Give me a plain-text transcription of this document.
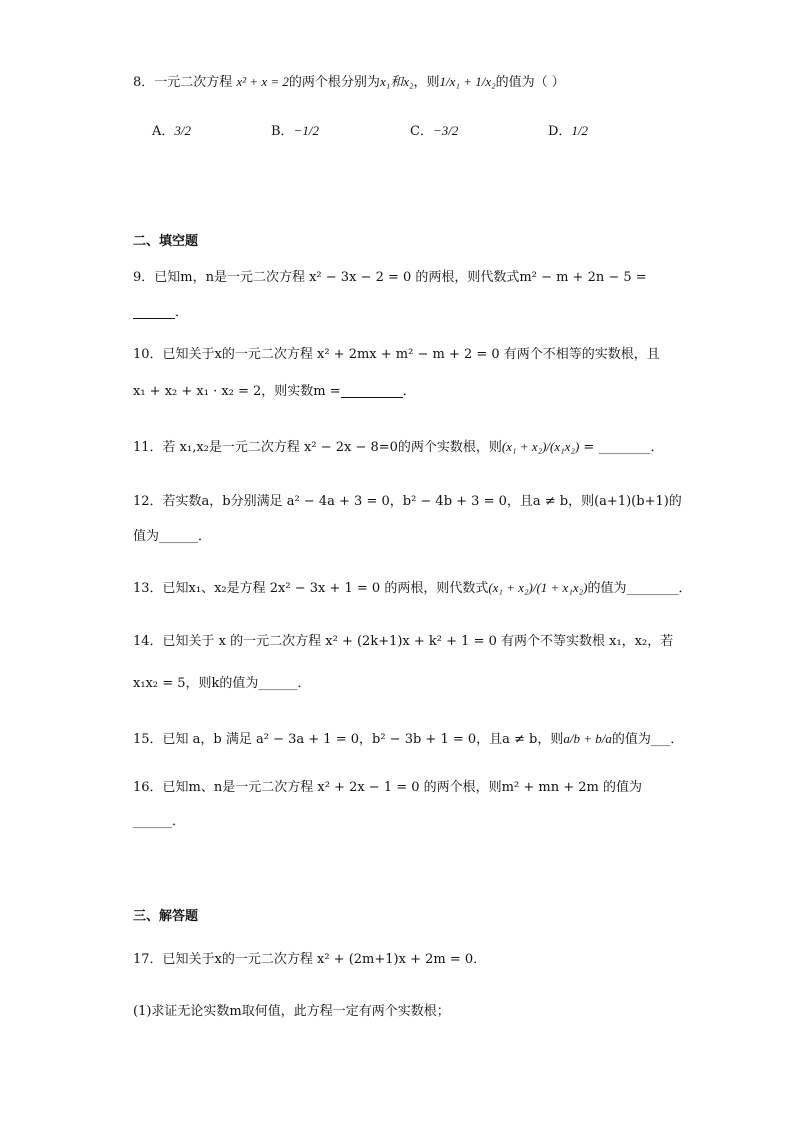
8．一元二次方程 x² + x = 2的两个根分别为x₁和x₂，则1/x₁ + 1/x₂的值为（ ）
A．3/2	B．−1/2	C．−3/2	D．1/2
二、填空题
9．已知m，n是一元二次方程 x² − 3x − 2 = 0 的两根，则代数式m² − m + 2n − 5 =
．
10．已知关于x的一元二次方程 x² + 2mx + m² − m + 2 = 0 有两个不相等的实数根，且
x₁ + x₂ + x₁ · x₂ = 2，则实数m =	．
11．若 x₁,x₂是一元二次方程 x² − 2x − 8=0的两个实数根，则(x₁ + x₂)/(x₁x₂) = ________．
12．若实数a，b分别满足 a² − 4a + 3 = 0，b² − 4b + 3 = 0，且a ≠ b，则(a+1)(b+1)的
值为______．
13．已知x₁、x₂是方程 2x² − 3x + 1 = 0 的两根，则代数式(x₁ + x₂)/(1 + x₁x₂)的值为________．
14．已知关于 x 的一元二次方程 x² + (2k+1)x + k² + 1 = 0 有两个不等实数根 x₁，x₂，若
x₁x₂ = 5，则k的值为______．
15．已知 a，b 满足 a² − 3a + 1 = 0，b² − 3b + 1 = 0，且a ≠ b，则a/b + b/a的值为___．
16．已知m、n是一元二次方程 x² + 2x − 1 = 0 的两个根，则m² + mn + 2m 的值为
______．
三、解答题
17．已知关于x的一元二次方程 x² + (2m+1)x + 2m = 0．
(1)求证无论实数m取何值，此方程一定有两个实数根；
